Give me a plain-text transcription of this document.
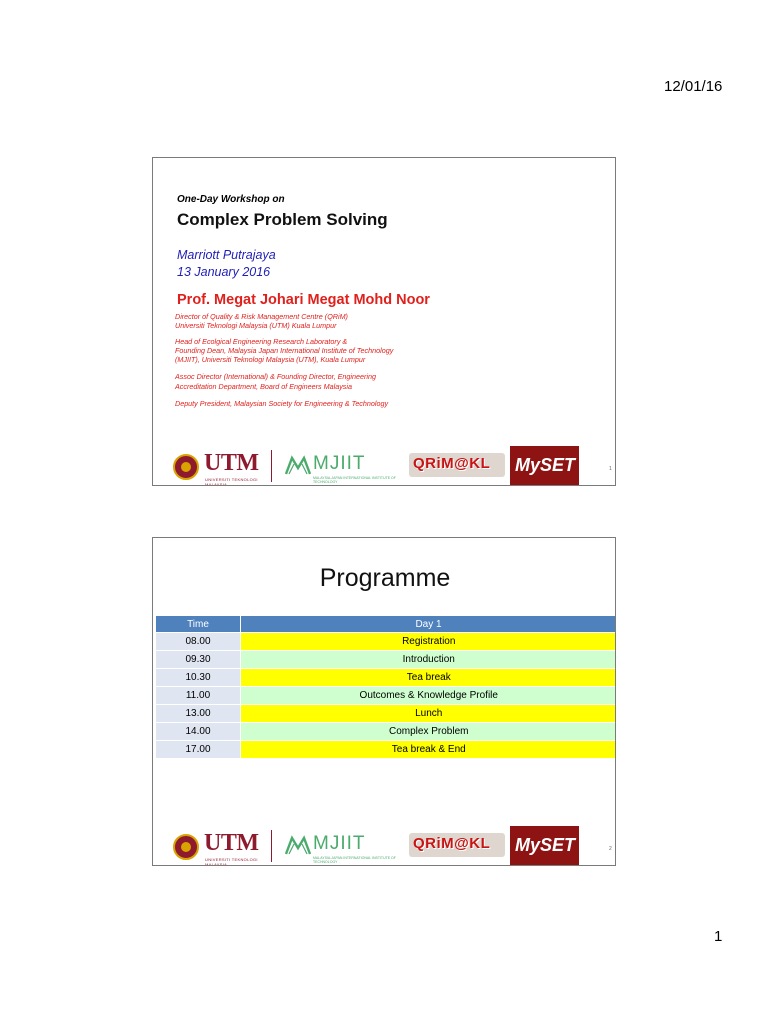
12/01/16
One-Day Workshop on
Complex Problem Solving
Marriott Putrajaya
13 January 2016
Prof. Megat Johari Megat Mohd Noor

Director of Quality & Risk Management Centre (QRiM)
Universiti Teknologi Malaysia (UTM) Kuala Lumpur

Head of Ecolgical Engineering Research Laboratory &
Founding Dean, Malaysia Japan International Institute of Technology
(MJIIT), Universiti Teknologi Malaysia (UTM), Kuala Lumpur

Assoc Director (International) & Founding Director, Engineering
Accreditation Department, Board of Engineers Malaysia

Deputy President, Malaysian Society for Engineering & Technology

UTM
UNIVERSITI TEKNOLOGI MALAYSIA
MJIIT
MALAYSIA-JAPAN INTERNATIONAL INSTITUTE OF TECHNOLOGY
QRiM@KL	MySET	1
Programme
Time	Day 1
08.00	Registration
09.30	Introduction
10.30	Tea break
11.00	Outcomes & Knowledge Profile
13.00	Lunch
14.00	Complex Problem
17.00	Tea break & End
UTM
UNIVERSITI TEKNOLOGI MALAYSIA
MJIIT
MALAYSIA-JAPAN INTERNATIONAL INSTITUTE OF TECHNOLOGY
QRiM@KL	MySET	2
1
